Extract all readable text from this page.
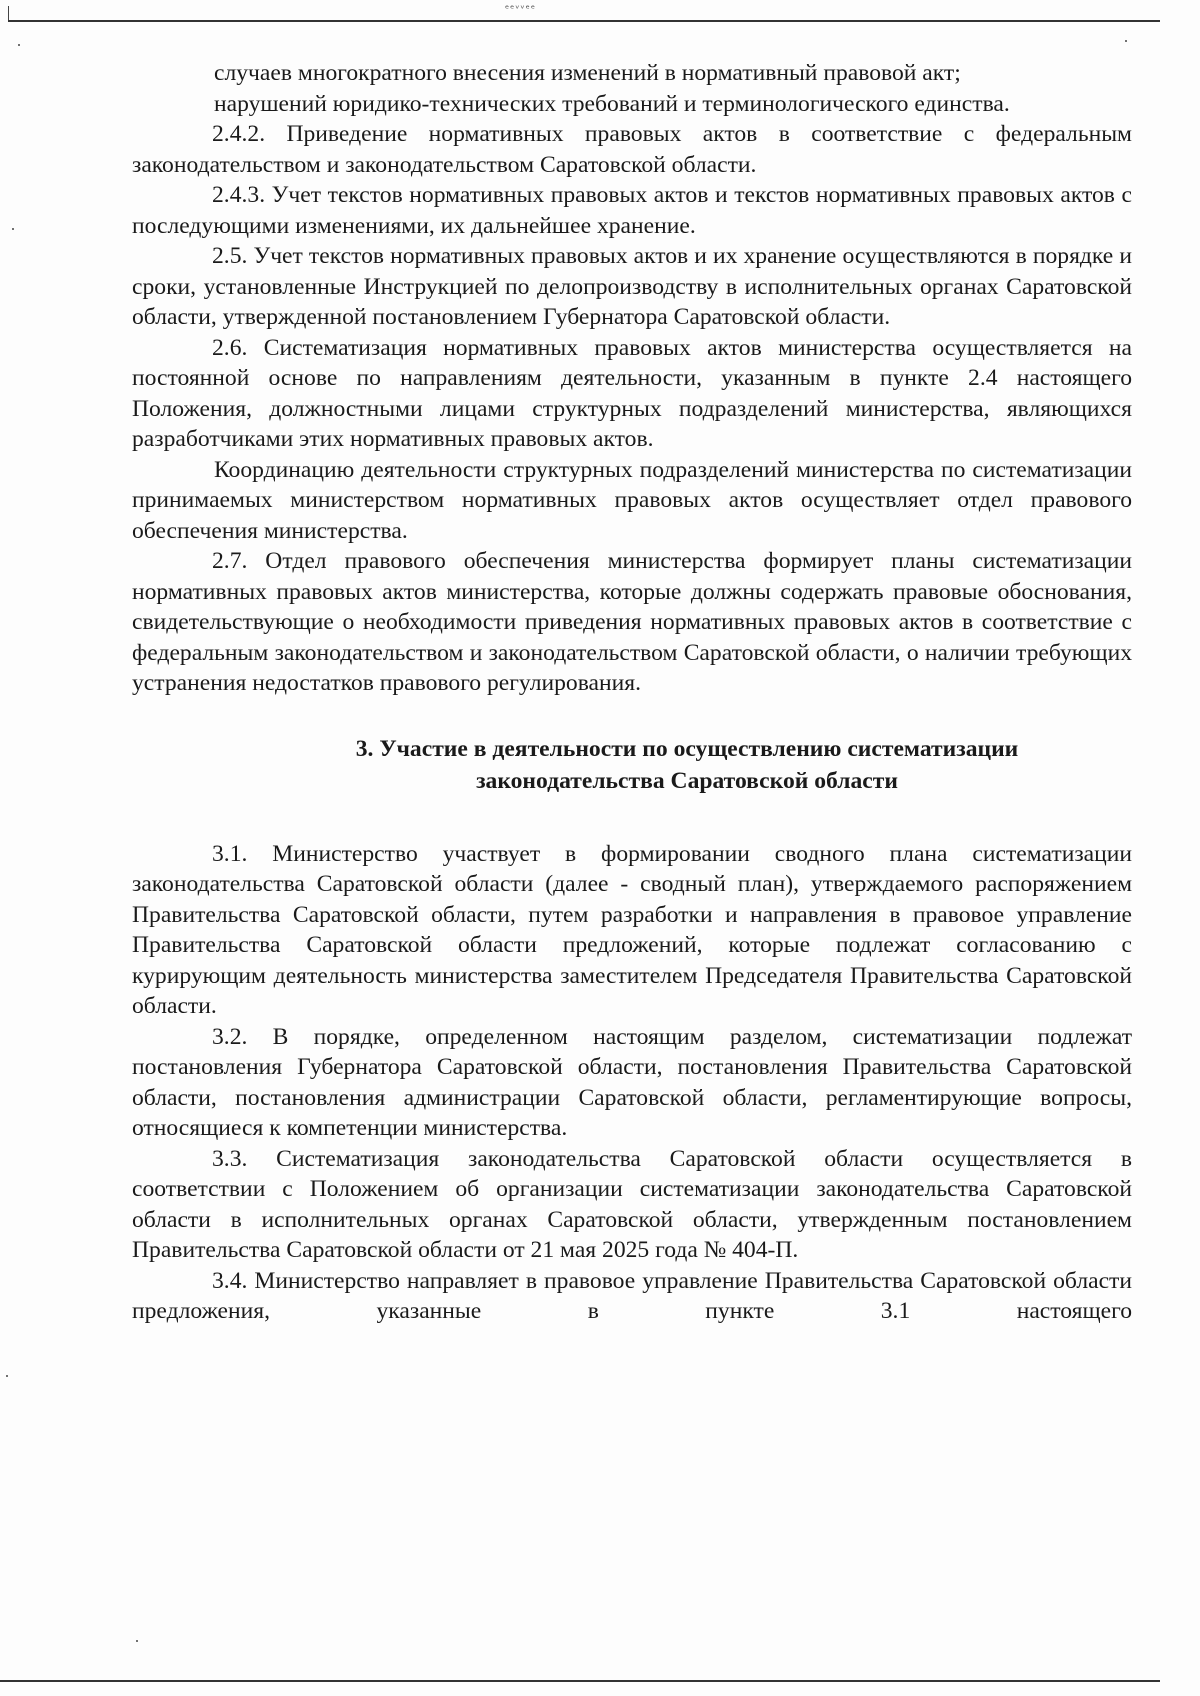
ᵉᵉᵛᵛᵉᵉ

случаев многократного внесения изменений в нормативный правовой акт;

нарушений юридико-технических требований и терминологического единства.

2.4.2. Приведение нормативных правовых актов в соответствие с федеральным законодательством и законодательством Саратовской области.

2.4.3. Учет текстов нормативных правовых актов и текстов нормативных правовых актов с последующими изменениями, их дальнейшее хранение.

2.5. Учет текстов нормативных правовых актов и их хранение осуществляются в порядке и сроки, установленные Инструкцией по делопроизводству в исполнительных органах Саратовской области, утвержденной постановлением Губернатора Саратовской области.

2.6. Систематизация нормативных правовых актов министерства осуществляется на постоянной основе по направлениям деятельности, указанным в пункте 2.4 настоящего Положения, должностными лицами структурных подразделений министерства, являющихся разработчиками этих нормативных правовых актов.

Координацию деятельности структурных подразделений министерства по систематизации принимаемых министерством нормативных правовых актов осуществляет отдел правового обеспечения министерства.

2.7. Отдел правового обеспечения министерства формирует планы систематизации нормативных правовых актов министерства, которые должны содержать правовые обоснования, свидетельствующие о необходимости приведения нормативных правовых актов в соответствие с федеральным законодательством и законодательством Саратовской области, о наличии требующих устранения недостатков правового регулирования.

3. Участие в деятельности по осуществлению систематизации
законодательства Саратовской области

3.1. Министерство участвует в формировании сводного плана систематизации законодательства Саратовской области (далее - сводный план), утверждаемого распоряжением Правительства Саратовской области, путем разработки и направления в правовое управление Правительства Саратовской области предложений, которые подлежат согласованию с курирующим деятельность министерства заместителем Председателя Правительства Саратовской области.

3.2. В порядке, определенном настоящим разделом, систематизации подлежат постановления Губернатора Саратовской области, постановления Правительства Саратовской области, постановления администрации Саратовской области, регламентирующие вопросы, относящиеся к компетенции министерства.

3.3. Систематизация законодательства Саратовской области осуществляется в соответствии с Положением об организации систематизации законодательства Саратовской области в исполнительных органах Саратовской области, утвержденным постановлением Правительства Саратовской области от 21 мая 2025 года № 404-П.

3.4. Министерство направляет в правовое управление Правительства Саратовской области предложения, указанные в пункте 3.1 настоящего
